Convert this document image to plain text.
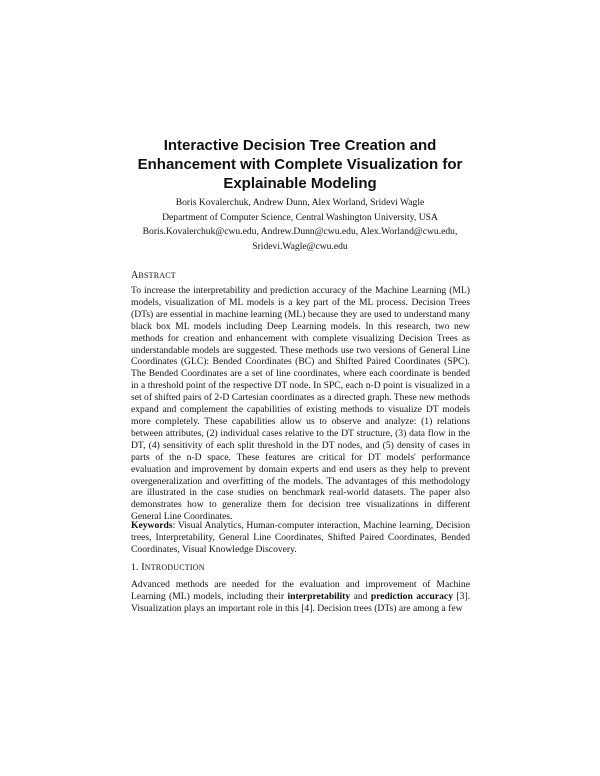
Interactive Decision Tree Creation and
Enhancement with Complete Visualization for
Explainable Modeling
Boris Kovalerchuk, Andrew Dunn, Alex Worland, Sridevi Wagle
Department of Computer Science, Central Washington University, USA
Boris.Kovalerchuk@cwu.edu, Andrew.Dunn@cwu.edu, Alex.Worland@cwu.edu,
Sridevi.Wagle@cwu.edu
ABSTRACT

To increase the interpretability and prediction accuracy of the Machine Learning (ML) models, visualization of ML models is a key part of the ML process. Decision Trees (DTs) are essential in machine learning (ML) because they are used to understand many black box ML models including Deep Learning models. In this research, two new methods for creation and enhancement with complete visualizing Decision Trees as understandable models are suggested. These methods use two versions of General Line Coordinates (GLC): Bended Coordinates (BC) and Shifted Paired Coordinates (SPC). The Bended Coordinates are a set of line coordinates, where each coordinate is bended in a threshold point of the respective DT node. In SPC, each n-D point is visualized in a set of shifted pairs of 2-D Cartesian coordinates as a directed graph. These new methods expand and complement the capabilities of existing methods to visualize DT models more completely. These capabilities allow us to observe and analyze: (1) relations between attributes, (2) individual cases relative to the DT structure, (3) data flow in the DT, (4) sensitivity of each split threshold in the DT nodes, and (5) density of cases in parts of the n-D space. These features are critical for DT models' performance evaluation and improvement by domain experts and end users as they help to prevent overgeneralization and overfitting of the models. The advantages of this methodology are illustrated in the case studies on benchmark real-world datasets. The paper also demonstrates how to generalize them for decision tree visualizations in different General Line Coordinates.

Keywords: Visual Analytics, Human-computer interaction, Machine learning, Decision trees, Interpretability, General Line Coordinates, Shifted Paired Coordinates, Bended Coordinates, Visual Knowledge Discovery.

1. INTRODUCTION

Advanced methods are needed for the evaluation and improvement of Machine Learning (ML) models, including their interpretability and prediction accuracy [3]. Visualization plays an important role in this [4]. Decision trees (DTs) are among a few
